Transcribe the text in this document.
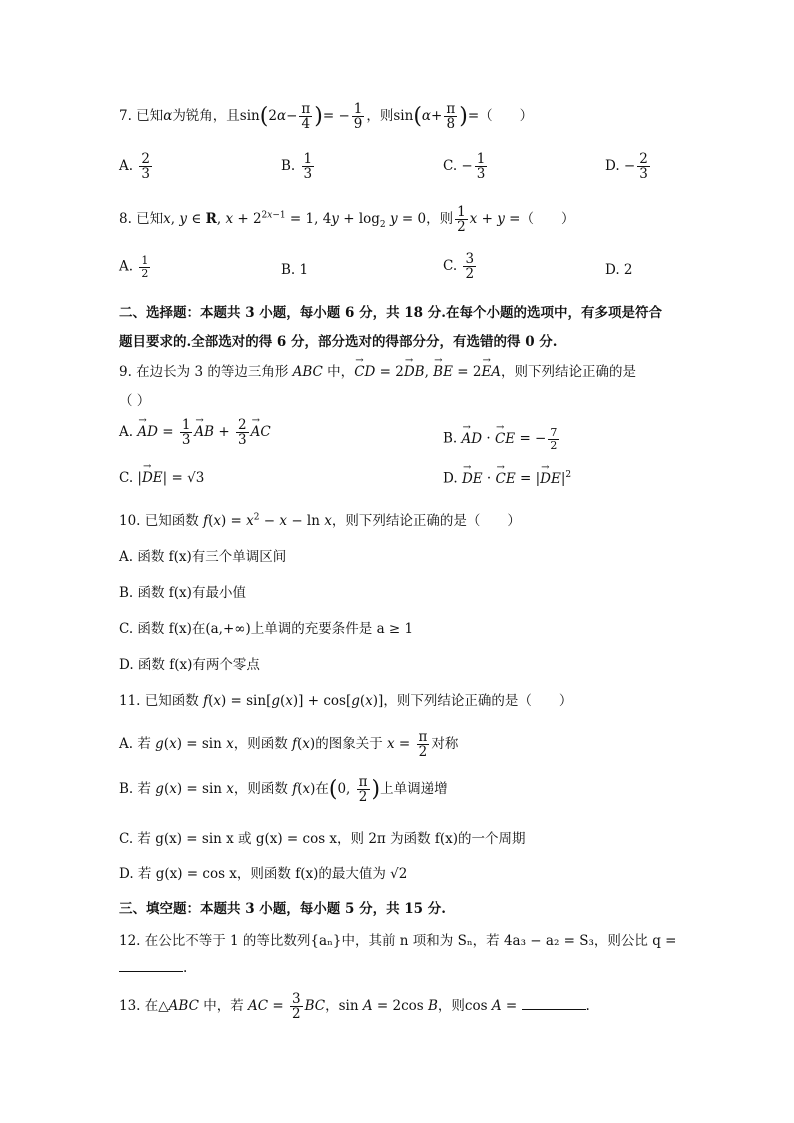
7. 已知α为锐角，且$\sin(2\alpha- \frac{\pi}{4}$ )= − $\frac{1}{9}$ ，则$\sin(\alpha+ \frac{\pi}{8}$ )=（　　）
A. $\frac{2}{3}$	B. $\frac{1}{3}$	C. − $\frac{1}{3}$	D. − $\frac{2}{3}$
8. 已知x, y ∈ R, $x + 2^{2x-1} = 1$, $4y + \log_2 y = 0$，则 $\frac{1}{2}$ x + y =（　　）
A. $\frac{1}{2}$	B. 1	C. $\frac{3}{2}$	D. 2
二、选择题：本题共 3 小题，每小题 6 分，共 18 分.在每个小题的选项中，有多项是符合
题目要求的.全部选对的得 6 分，部分选对的得部分分，有选错的得 0 分.
9. 在边长为 3 的等边三角形 ABC 中，→ CD = 2→ DB, → BE = 2→ EA，则下列结论正确的是
（ ）
A. → AD = $\frac{1}{3}$ → AB + $\frac{2}{3}$ → AC	B. → AD · → CE = − $\frac{7}{2}$
C. |→ DE| = √3	D. → DE · → CE = |→ $DE|^2$
10. 已知函数 $f(x) = x^2 - x - \ln x$，则下列结论正确的是（　　）
A. 函数 f(x)有三个单调区间
B. 函数 f(x)有最小值
C. 函数 f(x)在(a,+∞)上单调的充要条件是 a ≥ 1
D. 函数 f(x)有两个零点
11. 已知函数 f(x) = sin[g(x)] + cos[g(x)]，则下列结论正确的是（　　）
A. 若 g(x) = sin x，则函数 f(x)的图象关于 $x = \frac{\pi}{2}$ 对称
B. 若 g(x) = sin x，则函数 f(x)在(0, $\frac{\pi}{2}$ )上单调递增
C. 若 g(x) = sin x 或 g(x) = cos x，则 2π 为函数 f(x)的一个周期
D. 若 g(x) = cos x，则函数 f(x)的最大值为 √2
三、填空题：本题共 3 小题，每小题 5 分，共 15 分.
12. 在公比不等于 1 的等比数列{aₙ}中，其前 n 项和为 Sₙ，若 4a₃ − a₂ = S₃，则公比 q =
.
13. 在△ABC 中，若 AC = $\frac{3}{2}$ BC，sin A = 2cos B，则cos A =	.
